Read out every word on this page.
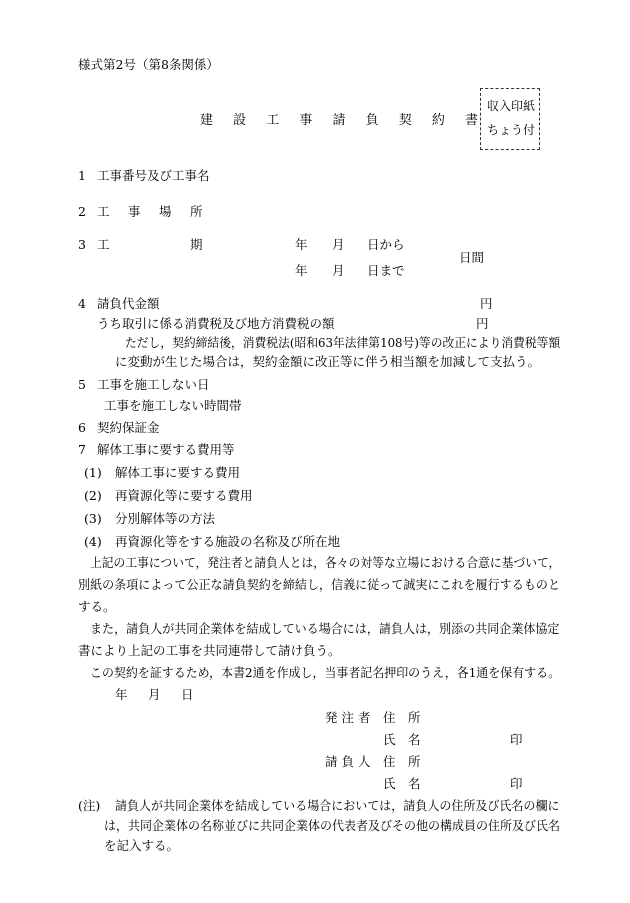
様式第2号（第8条関係）
収入印紙
ちょう付
建 設 工 事 請 負 契 約 書
1 工事番号及び工事名
2 工 事 場 所
3 工	期	年 月 日から
日間
年 月 日まで
4 請負代金額	円
うち取引に係る消費税及び地方消費税の額	円
ただし，契約締結後，消費税法(昭和63年法律第108号)等の改正により消費税等額
に変動が生じた場合は，契約金額に改正等に伴う相当額を加減して支払う。
5 工事を施工しない日
工事を施工しない時間帯
6 契約保証金
7 解体工事に要する費用等
(1) 解体工事に要する費用
(2) 再資源化等に要する費用
(3) 分別解体等の方法
(4) 再資源化等をする施設の名称及び所在地
上記の工事について，発注者と請負人とは，各々の対等な立場における合意に基づいて，
別紙の条項によって公正な請負契約を締結し，信義に従って誠実にこれを履行するものと
する。
また，請負人が共同企業体を結成している場合には，請負人は，別添の共同企業体協定
書により上記の工事を共同連帯して請け負う。
この契約を証するため，本書2通を作成し，当事者記名押印のうえ，各1通を保有する。
年 月 日
発 注 者 住　所
氏　名	印
請 負 人 住　所
氏　名	印
(注) 請負人が共同企業体を結成している場合においては，請負人の住所及び氏名の欄に
は，共同企業体の名称並びに共同企業体の代表者及びその他の構成員の住所及び氏名
を記入する。
